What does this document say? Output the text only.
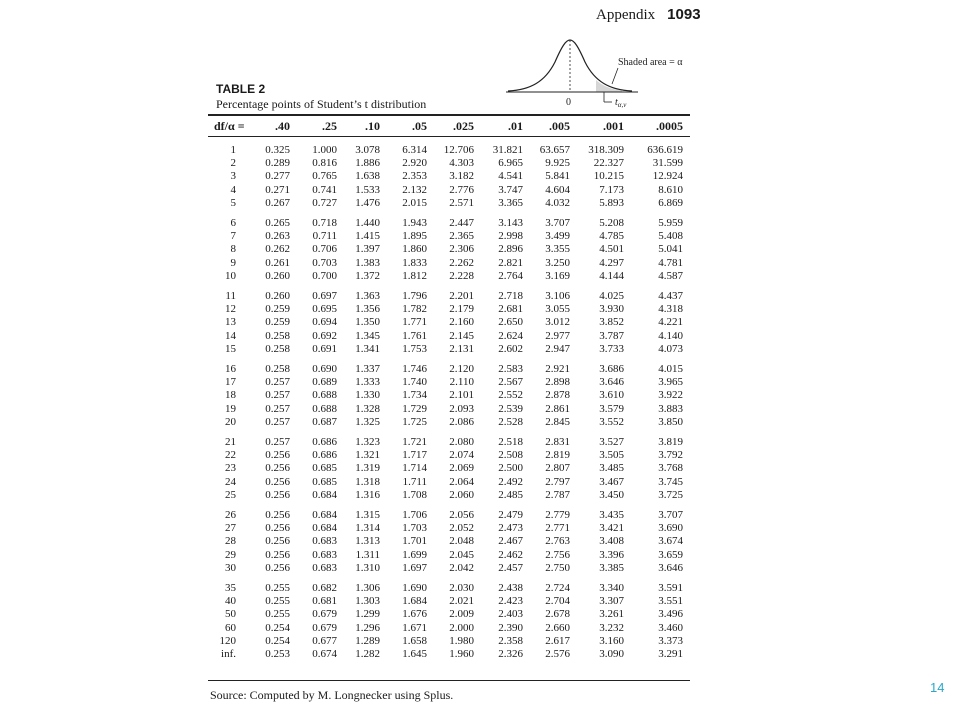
Appendix 1093
Shaded area = α
0	$t_{\alpha,\nu}$
TABLE 2
Percentage points of Student’s t distribution
df/α =	.40	.25	.10	.05	.025	.01	.005	.001	.0005
1	0.325	1.000	3.078	6.314	12.706	31.821	63.657	318.309	636.619
2	0.289	0.816	1.886	2.920	4.303	6.965	9.925	22.327	31.599
3	0.277	0.765	1.638	2.353	3.182	4.541	5.841	10.215	12.924
4	0.271	0.741	1.533	2.132	2.776	3.747	4.604	7.173	8.610
5	0.267	0.727	1.476	2.015	2.571	3.365	4.032	5.893	6.869
6	0.265	0.718	1.440	1.943	2.447	3.143	3.707	5.208	5.959
7	0.263	0.711	1.415	1.895	2.365	2.998	3.499	4.785	5.408
8	0.262	0.706	1.397	1.860	2.306	2.896	3.355	4.501	5.041
9	0.261	0.703	1.383	1.833	2.262	2.821	3.250	4.297	4.781
10	0.260	0.700	1.372	1.812	2.228	2.764	3.169	4.144	4.587
11	0.260	0.697	1.363	1.796	2.201	2.718	3.106	4.025	4.437
12	0.259	0.695	1.356	1.782	2.179	2.681	3.055	3.930	4.318
13	0.259	0.694	1.350	1.771	2.160	2.650	3.012	3.852	4.221
14	0.258	0.692	1.345	1.761	2.145	2.624	2.977	3.787	4.140
15	0.258	0.691	1.341	1.753	2.131	2.602	2.947	3.733	4.073
16	0.258	0.690	1.337	1.746	2.120	2.583	2.921	3.686	4.015
17	0.257	0.689	1.333	1.740	2.110	2.567	2.898	3.646	3.965
18	0.257	0.688	1.330	1.734	2.101	2.552	2.878	3.610	3.922
19	0.257	0.688	1.328	1.729	2.093	2.539	2.861	3.579	3.883
20	0.257	0.687	1.325	1.725	2.086	2.528	2.845	3.552	3.850
21	0.257	0.686	1.323	1.721	2.080	2.518	2.831	3.527	3.819
22	0.256	0.686	1.321	1.717	2.074	2.508	2.819	3.505	3.792
23	0.256	0.685	1.319	1.714	2.069	2.500	2.807	3.485	3.768
24	0.256	0.685	1.318	1.711	2.064	2.492	2.797	3.467	3.745
25	0.256	0.684	1.316	1.708	2.060	2.485	2.787	3.450	3.725
26	0.256	0.684	1.315	1.706	2.056	2.479	2.779	3.435	3.707
27	0.256	0.684	1.314	1.703	2.052	2.473	2.771	3.421	3.690
28	0.256	0.683	1.313	1.701	2.048	2.467	2.763	3.408	3.674
29	0.256	0.683	1.311	1.699	2.045	2.462	2.756	3.396	3.659
30	0.256	0.683	1.310	1.697	2.042	2.457	2.750	3.385	3.646
35	0.255	0.682	1.306	1.690	2.030	2.438	2.724	3.340	3.591
40	0.255	0.681	1.303	1.684	2.021	2.423	2.704	3.307	3.551
50	0.255	0.679	1.299	1.676	2.009	2.403	2.678	3.261	3.496
60	0.254	0.679	1.296	1.671	2.000	2.390	2.660	3.232	3.460
120	0.254	0.677	1.289	1.658	1.980	2.358	2.617	3.160	3.373
inf.	0.253	0.674	1.282	1.645	1.960	2.326	2.576	3.090	3.291
Source: Computed by M. Longnecker using Splus.	14
